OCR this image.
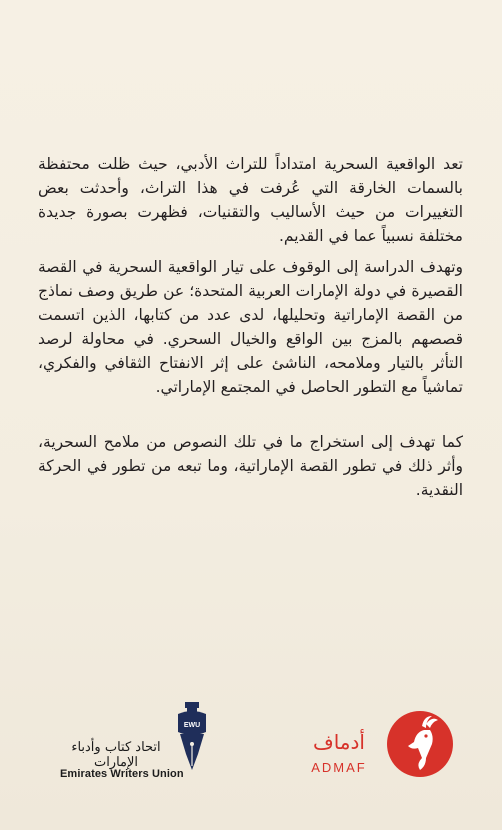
تعد الواقعية السحرية امتداداً للتراث الأدبي، حيث ظلت محتفظة بالسمات الخارقة التي عُرفت في هذا التراث، وأحدثت بعض التغييرات من حيث الأساليب والتقنيات، فظهرت بصورة جديدة مختلفة نسبياً عما في القديم.

وتهدف الدراسة إلى الوقوف على تيار الواقعية السحرية في القصة القصيرة في دولة الإمارات العربية المتحدة؛ عن طريق وصف نماذج من القصة الإماراتية وتحليلها، لدى عدد من كتابها، الذين اتسمت قصصهم بالمزج بين الواقع والخيال السحري. في محاولة لرصد التأثر بالتيار وملامحه، الناشئ على إثر الانفتاح الثقافي والفكري، تماشياً مع التطور الحاصل في المجتمع الإماراتي.

كما تهدف إلى استخراج ما في تلك النصوص من ملامح السحرية، وأثر ذلك في تطور القصة الإماراتية، وما تبعه من تطور في الحركة النقدية.

EWU
اتحاد كتاب وأدباء الإمارات
Emirates Writers Union
أدماف
ADMAF
